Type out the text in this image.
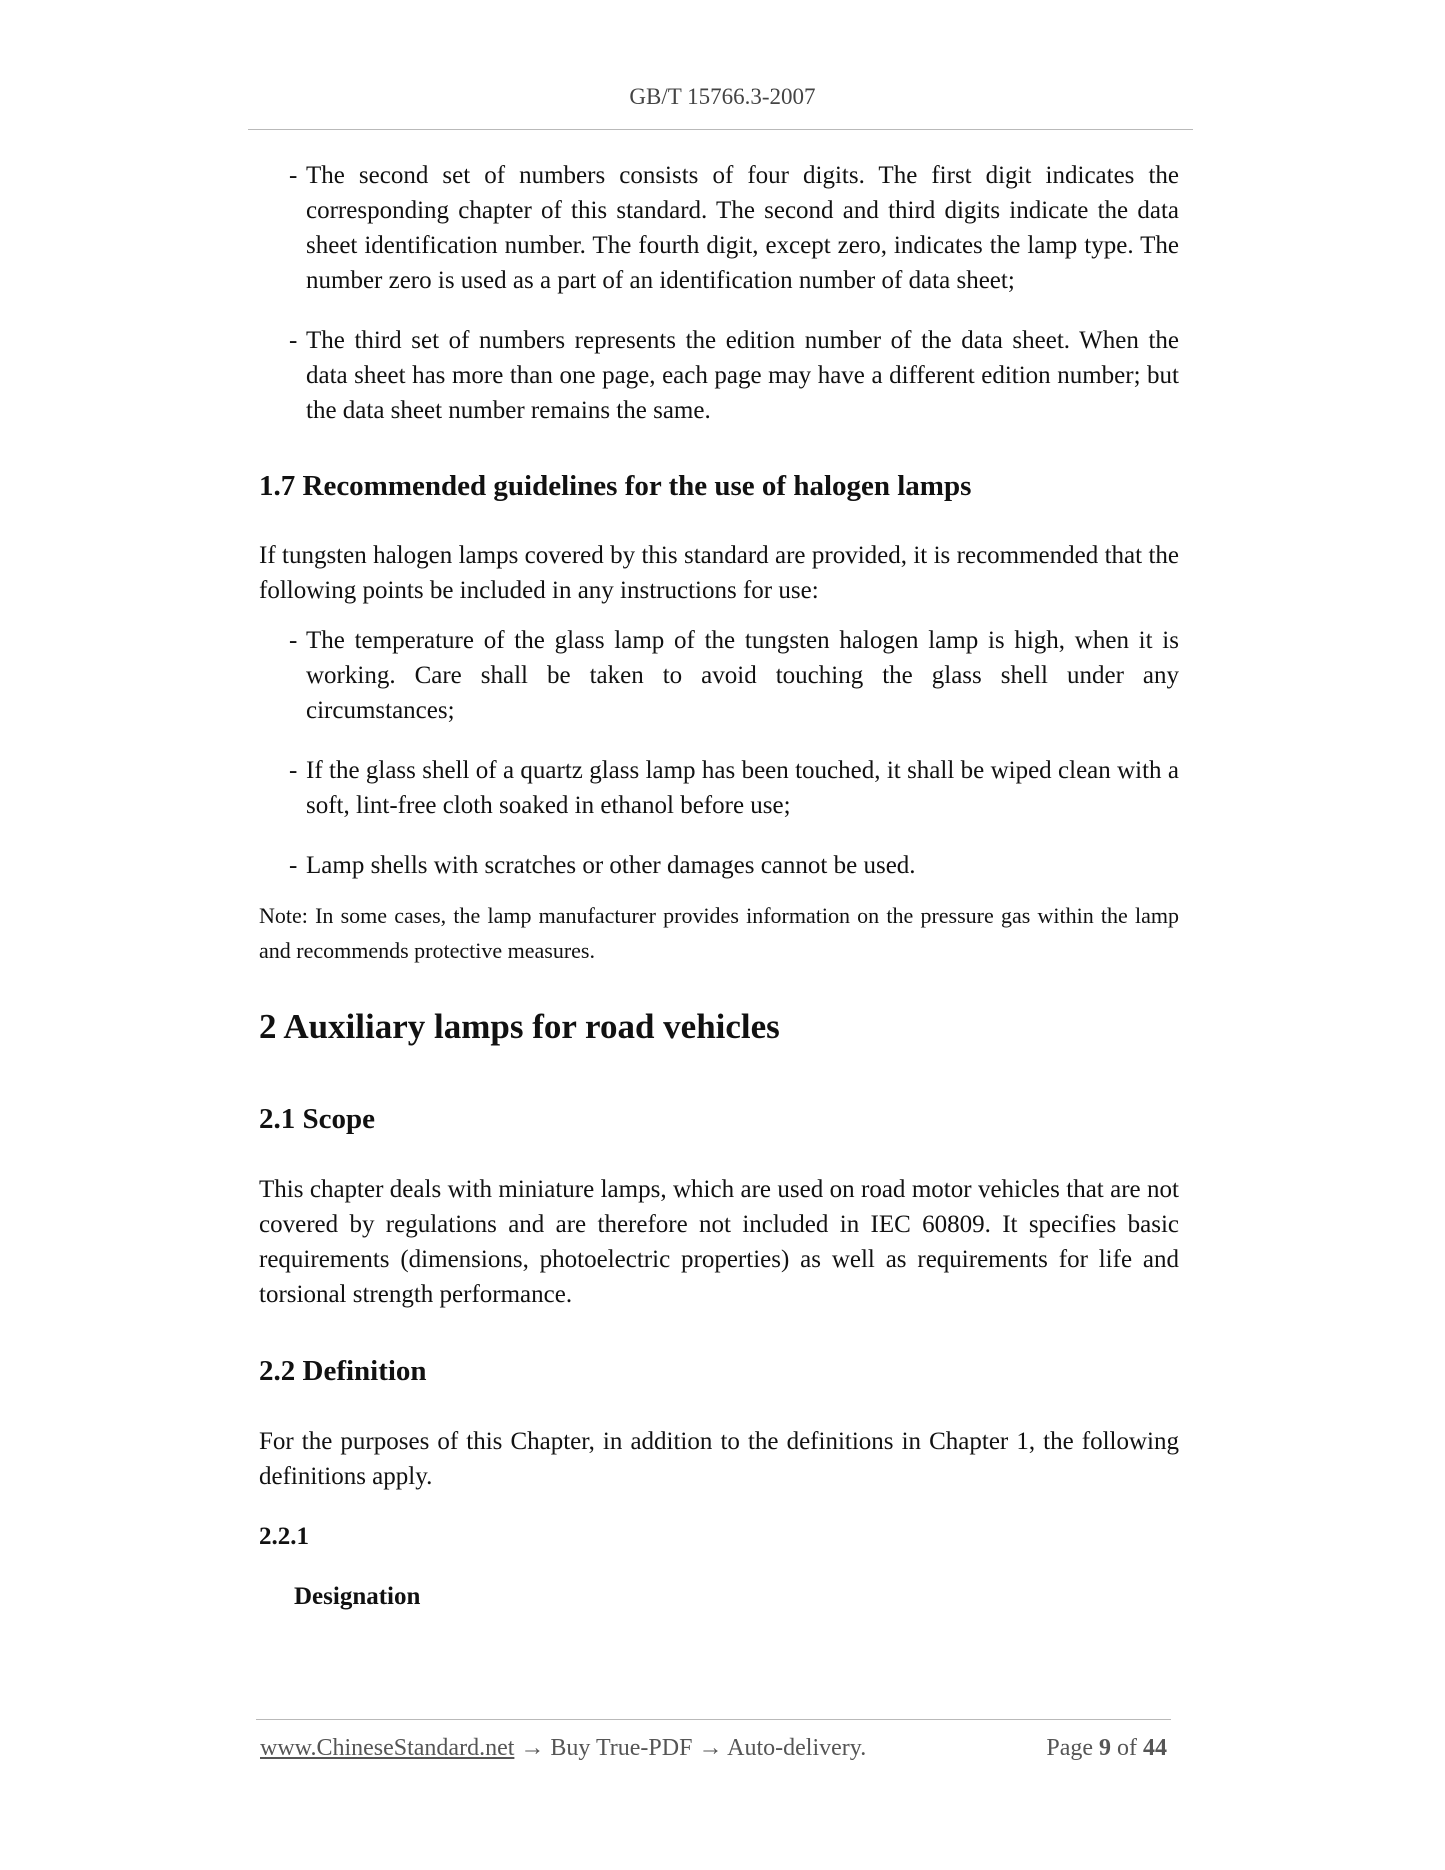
GB/T 15766.3-2007
- The second set of numbers consists of four digits. The first digit indicates the corresponding chapter of this standard. The second and third digits indicate the data sheet identification number. The fourth digit, except zero, indicates the lamp type. The number zero is used as a part of an identification number of data sheet;
- The third set of numbers represents the edition number of the data sheet. When the data sheet has more than one page, each page may have a different edition number; but the data sheet number remains the same.
1.7 Recommended guidelines for the use of halogen lamps

If tungsten halogen lamps covered by this standard are provided, it is recommended that the following points be included in any instructions for use:

- The temperature of the glass lamp of the tungsten halogen lamp is high, when it is working. Care shall be taken to avoid touching the glass shell under any circumstances;
- If the glass shell of a quartz glass lamp has been touched, it shall be wiped clean with a soft, lint-free cloth soaked in ethanol before use;
- Lamp shells with scratches or other damages cannot be used.

Note: In some cases, the lamp manufacturer provides information on the pressure gas within the lamp and recommends protective measures.

2 Auxiliary lamps for road vehicles
2.1 Scope

This chapter deals with miniature lamps, which are used on road motor vehicles that are not covered by regulations and are therefore not included in IEC 60809. It specifies basic requirements (dimensions, photoelectric properties) as well as requirements for life and torsional strength performance.

2.2 Definition

For the purposes of this Chapter, in addition to the definitions in Chapter 1, the following definitions apply.

2.2.1

Designation

www.ChineseStandard.net → Buy True-PDF → Auto-delivery.	Page 9 of 44
